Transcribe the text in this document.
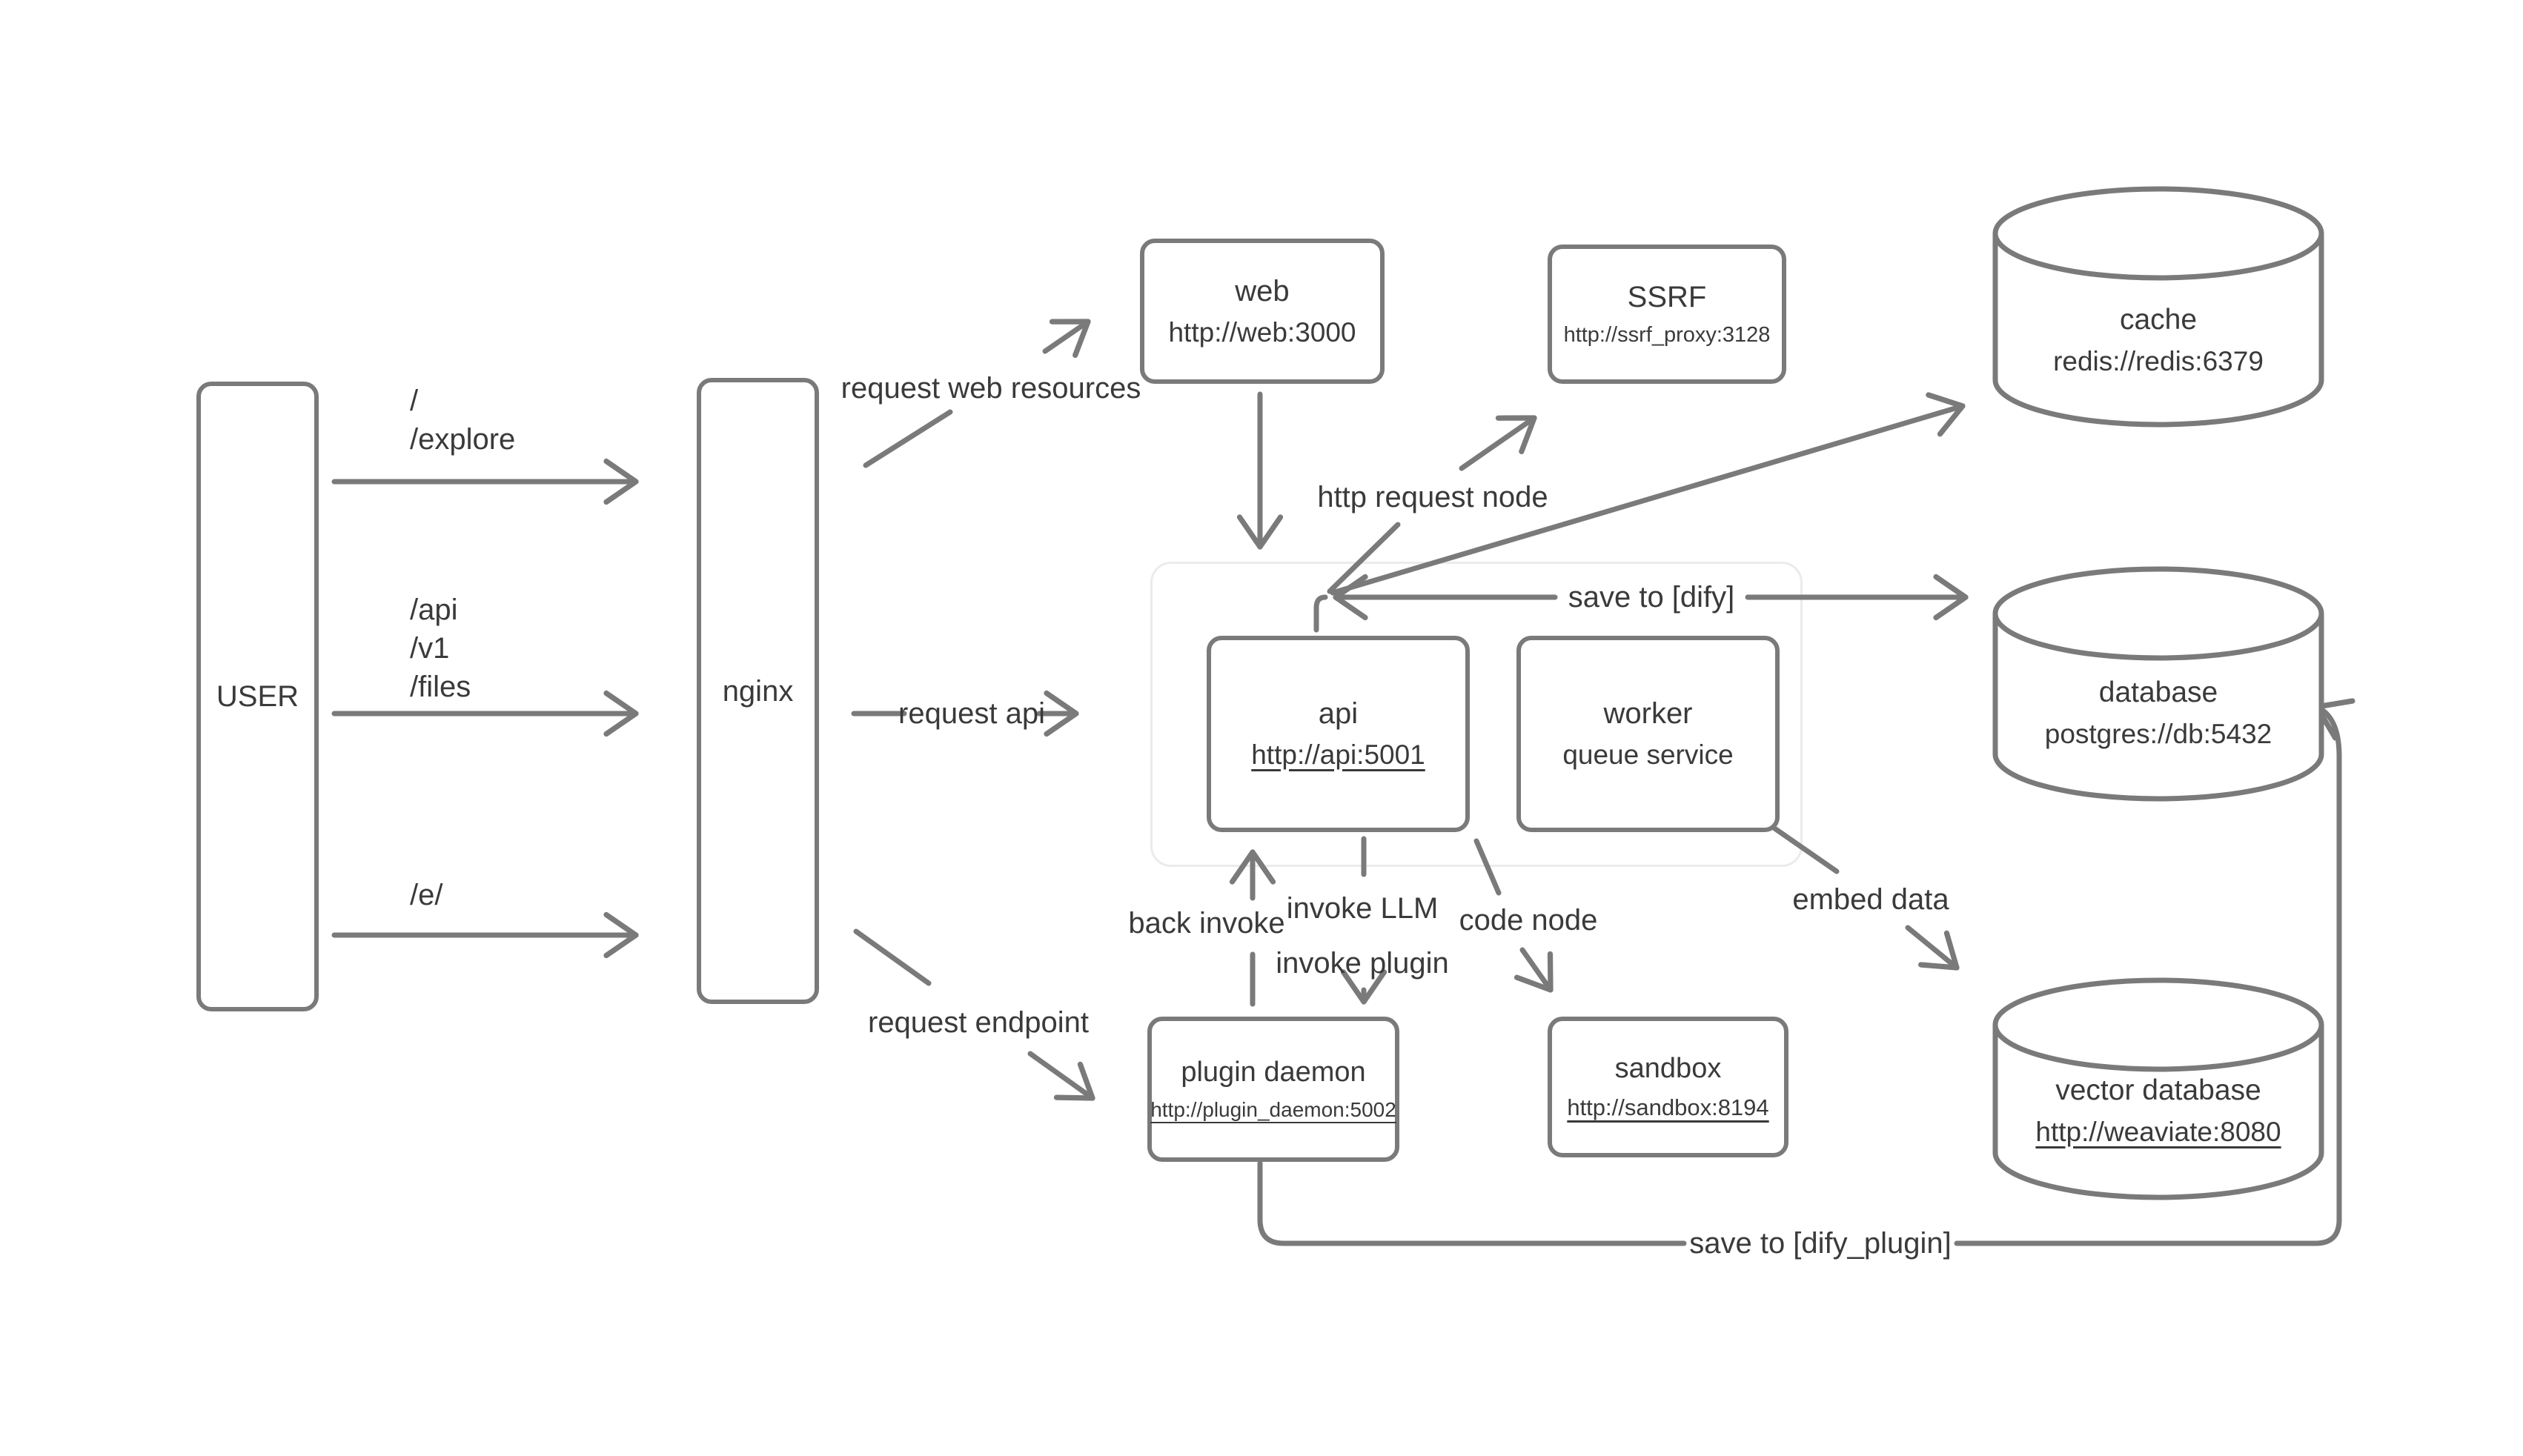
USER	nginx
web
http://web:3000
SSRF
http://ssrf_proxy:3128
api
http://api:5001
worker
queue service
plugin daemon
http://plugin_daemon:5002
sandbox
http://sandbox:8194
cache
redis://redis:6379
database
postgres://db:5432
vector database
http://weaviate:8080
/
/explore
/api
/v1
/files
/e/
request web resources
request api
request endpoint
http request node
save to [dify]
back invoke invoke LLM
invoke plugin
code node
embed data
save to [dify_plugin]
